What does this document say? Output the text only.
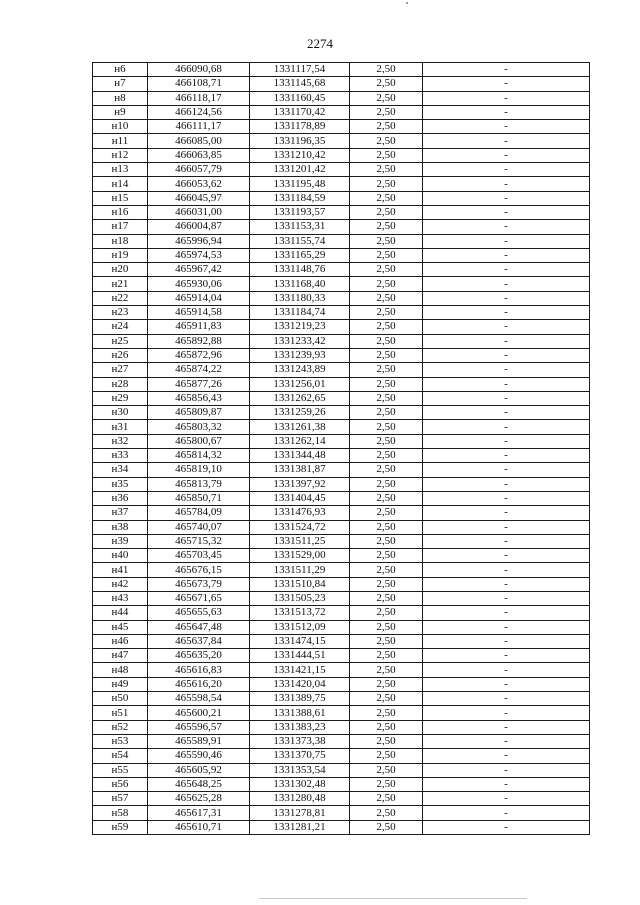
2274
н6	466090,68	1331117,54	2,50	-
н7	466108,71	1331145,68	2,50	-
н8	466118,17	1331160,45	2,50	-
н9	466124,56	1331170,42	2,50	-
н10	466111,17	1331178,89	2,50	-
н11	466085,00	1331196,35	2,50	-
н12	466063,85	1331210,42	2,50	-
н13	466057,79	1331201,42	2,50	-
н14	466053,62	1331195,48	2,50	-
н15	466045,97	1331184,59	2,50	-
н16	466031,00	1331193,57	2,50	-
н17	466004,87	1331153,31	2,50	-
н18	465996,94	1331155,74	2,50	-
н19	465974,53	1331165,29	2,50	-
н20	465967,42	1331148,76	2,50	-
н21	465930,06	1331168,40	2,50	-
н22	465914,04	1331180,33	2,50	-
н23	465914,58	1331184,74	2,50	-
н24	465911,83	1331219,23	2,50	-
н25	465892,88	1331233,42	2,50	-
н26	465872,96	1331239,93	2,50	-
н27	465874,22	1331243,89	2,50	-
н28	465877,26	1331256,01	2,50	-
н29	465856,43	1331262,65	2,50	-
н30	465809,87	1331259,26	2,50	-
н31	465803,32	1331261,38	2,50	-
н32	465800,67	1331262,14	2,50	-
н33	465814,32	1331344,48	2,50	-
н34	465819,10	1331381,87	2,50	-
н35	465813,79	1331397,92	2,50	-
н36	465850,71	1331404,45	2,50	-
н37	465784,09	1331476,93	2,50	-
н38	465740,07	1331524,72	2,50	-
н39	465715,32	1331511,25	2,50	-
н40	465703,45	1331529,00	2,50	-
н41	465676,15	1331511,29	2,50	-
н42	465673,79	1331510,84	2,50	-
н43	465671,65	1331505,23	2,50	-
н44	465655,63	1331513,72	2,50	-
н45	465647,48	1331512,09	2,50	-
н46	465637,84	1331474,15	2,50	-
н47	465635,20	1331444,51	2,50	-
н48	465616,83	1331421,15	2,50	-
н49	465616,20	1331420,04	2,50	-
н50	465598,54	1331389,75	2,50	-
н51	465600,21	1331388,61	2,50	-
н52	465596,57	1331383,23	2,50	-
н53	465589,91	1331373,38	2,50	-
н54	465590,46	1331370,75	2,50	-
н55	465605,92	1331353,54	2,50	-
н56	465648,25	1331302,48	2,50	-
н57	465625,28	1331280,48	2,50	-
н58	465617,31	1331278,81	2,50	-
н59	465610,71	1331281,21	2,50	-
